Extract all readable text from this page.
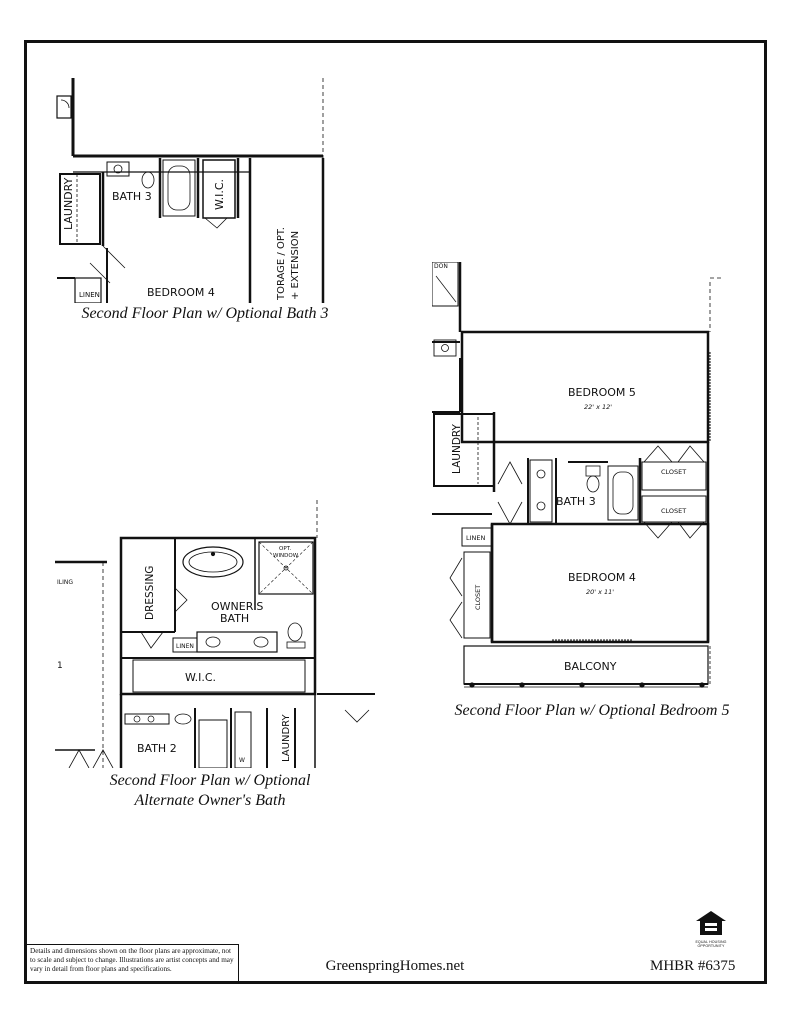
LAUNDRY	BATH 3	W.I.C.
TORAGE / OPT. + EXTENSION
LINEN	BEDROOM 4
Second Floor Plan w/ Optional Bath 3
ILING
1
DRESSING	OWNER'S
BATH
OPT.
WINDOW
LINEN
W.I.C.
BATH 2	LAUNDRY
W
Second Floor Plan w/ Optional
Alternate Owner's Bath
DON
BEDROOM 5
22' x 12'
LAUNDRY	CLOSET
BATH 3
CLOSET
LINEN
CLOSET
BEDROOM 4
20' x 11'
BALCONY
Second Floor Plan w/ Optional Bedroom 5
Details and dimensions shown on the floor plans are approximate, not to scale and subject to change. Illustrations are artist concepts and may vary in detail from floor plans and specifications.	GreenspringHomes.net	MHBR #6375
EQUAL HOUSING
OPPORTUNITY
